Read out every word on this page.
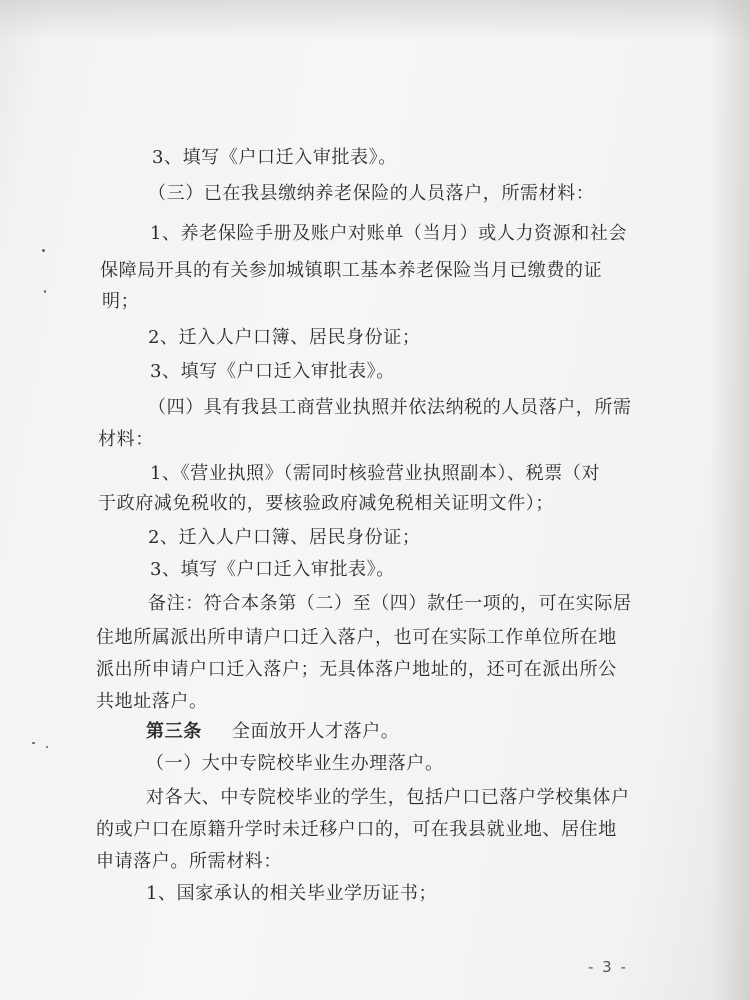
3、填写《户口迁入审批表》。
（三）已在我县缴纳养老保险的人员落户，所需材料：
1、养老保险手册及账户对账单（当月）或人力资源和社会
保障局开具的有关参加城镇职工基本养老保险当月已缴费的证
明；
2、迁入人户口簿、居民身份证；
3、填写《户口迁入审批表》。
（四）具有我县工商营业执照并依法纳税的人员落户，所需
材料：
1、《营业执照》（需同时核验营业执照副本）、税票（对
于政府减免税收的，要核验政府减免税相关证明文件）；
2、迁入人户口簿、居民身份证；
3、填写《户口迁入审批表》。
备注：符合本条第（二）至（四）款任一项的，可在实际居
住地所属派出所申请户口迁入落户，也可在实际工作单位所在地
派出所申请户口迁入落户；无具体落户地址的，还可在派出所公
共地址落户。
第三条 全面放开人才落户。
（一）大中专院校毕业生办理落户。
对各大、中专院校毕业的学生，包括户口已落户学校集体户
的或户口在原籍升学时未迁移户口的，可在我县就业地、居住地
申请落户。所需材料：
1、国家承认的相关毕业学历证书；
- 3 -
